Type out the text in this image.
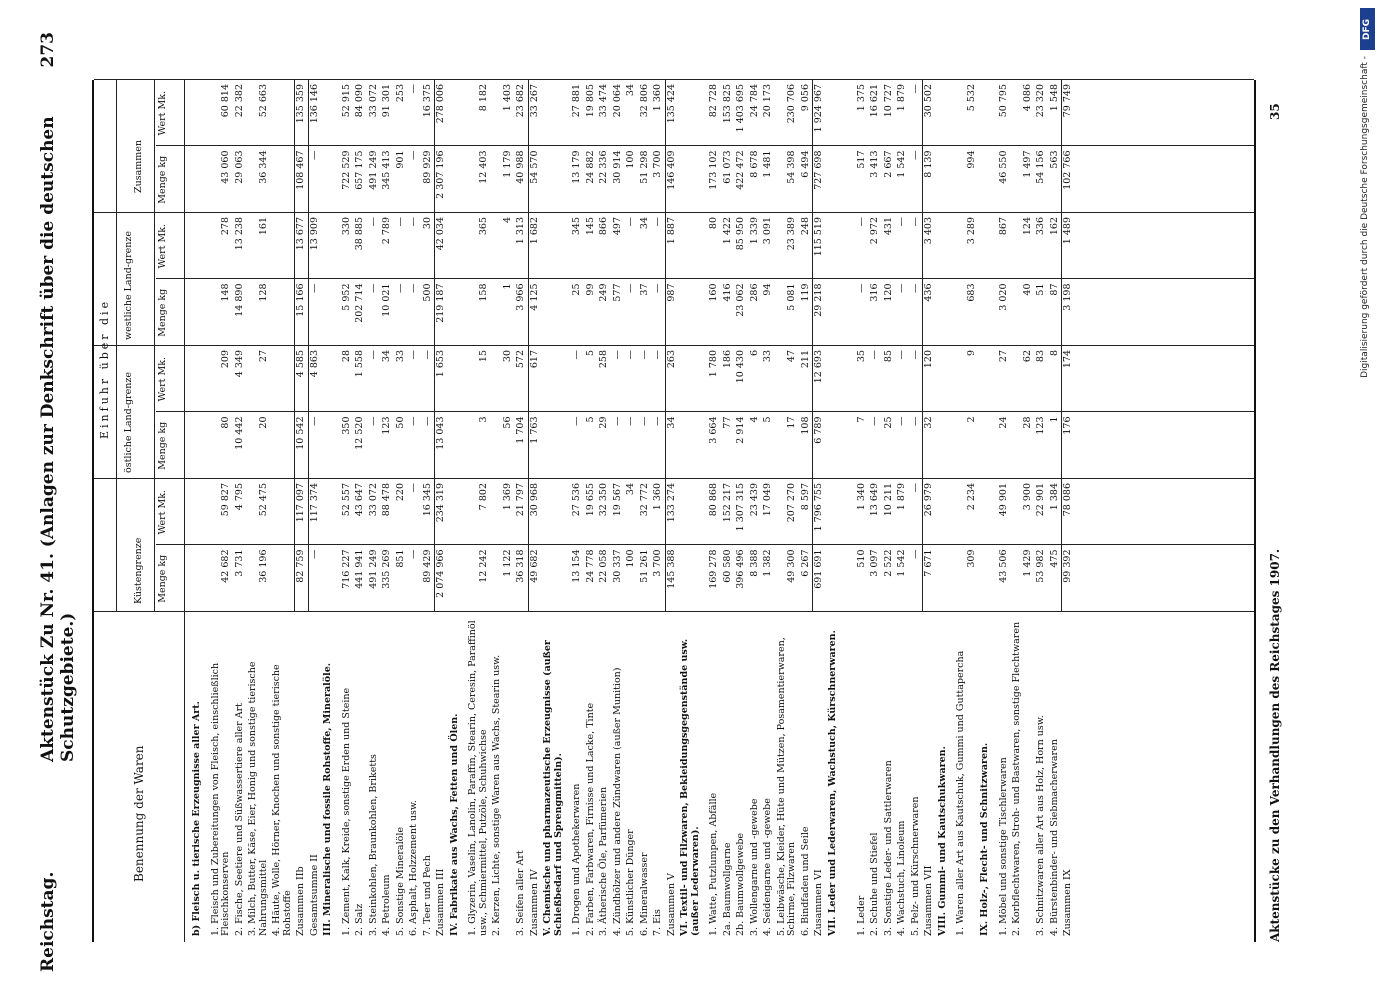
Reichstag.
Aktenstück Zu Nr. 41. (Anlagen zur Denkschrift über die deutschen Schutzgebiete.)
273
Benennung der Waren
Einfuhr über die
Küstengrenze
östliche Land-grenze
westliche Land-grenze
Zusammen
Menge kg
Wert Mk.
Menge kg
Wert Mk.
Menge kg
Wert Mk.
Menge kg
Wert Mk.
b) Fleisch u. tierische Erzeugnisse aller Art. 1. Fleisch und Zubereitungen von Fleisch, einschließlich Fleischkonserven
42 682
59 827
80
209
148
278
43 060
60 814
2. Fische, Seetiere und Süßwassertiere aller Art
3 731
4 795
10 442
4 349
14 890
13 238
29 063
22 382
3. Milch, Butter, Käse, Eier, Honig und sonstige tierische Nahrungsmittel
36 196
52 475
20
27
128
161
36 344
52 663
4. Häute, Wolle, Hörner, Knochen und sonstige tierische Rohstoffe Zusammen IIb
82 759
117 097
10 542
4 585
15 166
13 677
108 467
135 359
Gesamtsumme II
—
117 374
—
4 863
—
13 909
—
136 146
III. Mineralische und fossile Rohstoffe, Mineralöle. 1. Zement, Kalk, Kreide, sonstige Erden und Steine
716 227
52 557
350
28
5 952
330
722 529
52 915
2. Salz
441 941
43 647
12 520
1 558
202 714
38 885
657 175
84 090
3. Steinkohlen, Braunkohlen, Briketts
491 249
33 072
—
—
—
—
491 249
33 072
4. Petroleum
335 269
88 478
123
34
10 021
2 789
345 413
91 301
5. Sonstige Mineralöle
851
220
50
33
—
—
901
253
6. Asphalt, Holzzement usw.
—
—
—
—
—
—
—
—
7. Teer und Pech
89 429
16 345
—
—
500
30
89 929
16 375
Zusammen III
2 074 966
234 319
13 043
1 653
219 187
42 034
2 307 196
278 006
IV. Fabrikate aus Wachs, Fetten und Ölen. 1. Glyzerin, Vaselin, Lanolin, Paraffin, Stearin, Ceresin, Paraffinöl usw., Schmiermittel, Putzöle, Schuhwichse
12 242
7 802
3
15
158
365
12 403
8 182
2. Kerzen, Lichte, sonstige Waren aus Wachs, Stearin usw.
1 122
1 369
56
30
1
4
1 179
1 403
3. Seifen aller Art
36 318
21 797
1 704
572
3 966
1 313
40 988
23 682
Zusammen IV
49 682
30 968
1 763
617
4 125
1 682
54 570
33 267
V. Chemische und pharmazeutische Erzeugnisse (außer Schießbedarf und Sprengmitteln). 1. Drogen und Apothekerwaren
13 154
27 536
—
—
25
345
13 179
27 881
2. Farben, Farbwaren, Firnisse und Lacke, Tinte
24 778
19 655
5
5
99
145
24 882
19 805
3. Ätherische Öle, Parfümerien
22 058
32 350
29
258
249
866
22 336
33 474
4. Zündhölzer und andere Zündwaren (außer Munition)
30 337
19 567
—
—
577
497
30 914
20 064
5. Künstlicher Dünger
100
34
—
—
—
—
100
34
6. Mineralwasser
51 261
32 772
—
—
37
34
51 298
32 806
7. Eis
3 700
1 360
—
—
—
—
3 700
1 360
Zusammen V
145 388
133 274
34
263
987
1 887
146 409
135 424
VI. Textil- und Filzwaren, Bekleidungsgegenstände usw. (außer Lederwaren). 1. Watte, Putzlumpen, Abfälle
169 278
80 868
3 664
1 780
160
80
173 102
82 728
2a. Baumwollgarne
60 580
152 217
77
186
416
1 422
61 073
153 825
2b. Baumwollgewebe
396 496
1 307 315
2 914
10 430
23 062
85 950
422 472
1 403 695
3. Wollengarne und -gewebe
8 388
23 439
4
6
286
1 339
8 678
24 784
4. Seidengarne und -gewebe
1 382
17 049
5
33
94
3 091
1 481
20 173
5. Leibwäsche, Kleider, Hüte und Mützen, Posamentierwaren, Schirme, Filzwaren
49 300
207 270
17
47
5 081
23 389
54 398
230 706
6. Bindfaden und Seile
6 267
8 597
108
211
119
248
6 494
9 056
Zusammen VI
691 691
1 796 755
6 789
12 693
29 218
115 519
727 698
1 924 967
VII. Leder und Lederwaren, Wachstuch, Kürschnerwaren. 1. Leder
510
1 340
7
35
—
—
517
1 375
2. Schuhe und Stiefel
3 097
13 649
—
—
316
2 972
3 413
16 621
3. Sonstige Leder- und Sattlerwaren
2 522
10 211
25
85
120
431
2 667
10 727
4. Wachstuch, Linoleum
1 542
1 879
—
—
—
—
1 542
1 879
5. Pelz- und Kürschnerwaren
—
—
—
—
—
—
—
—
Zusammen VII
7 671
26 979
32
120
436
3 403
8 139
30 502
VIII. Gummi- und Kautschukwaren. 1. Waren aller Art aus Kautschuk, Gummi und Guttapercha
309
2 234
2
9
683
3 289
994
5 532
IX. Holz-, Flecht- und Schnitzwaren. 1. Möbel und sonstige Tischlerwaren
43 506
49 901
24
27
3 020
867
46 550
50 795
2. Korbflechtwaren, Stroh- und Bastwaren, sonstige Flechtwaren
1 429
3 900
28
62
40
124
1 497
4 086
3. Schnitzwaren aller Art aus Holz, Horn usw.
53 982
22 901
123
83
51
336
54 156
23 320
4. Bürstenbinder- und Siebmacherwaren
475
1 384
1
8
87
162
563
1 548
Zusammen IX
99 392
78 086
176
174
3 198
1 489
102 766
79 749
Aktenstücke zu den Verhandlungen des Reichstages 1907.
35
DFG
Digitalisierung gefördert durch die Deutsche Forschungsgemeinschaft -
